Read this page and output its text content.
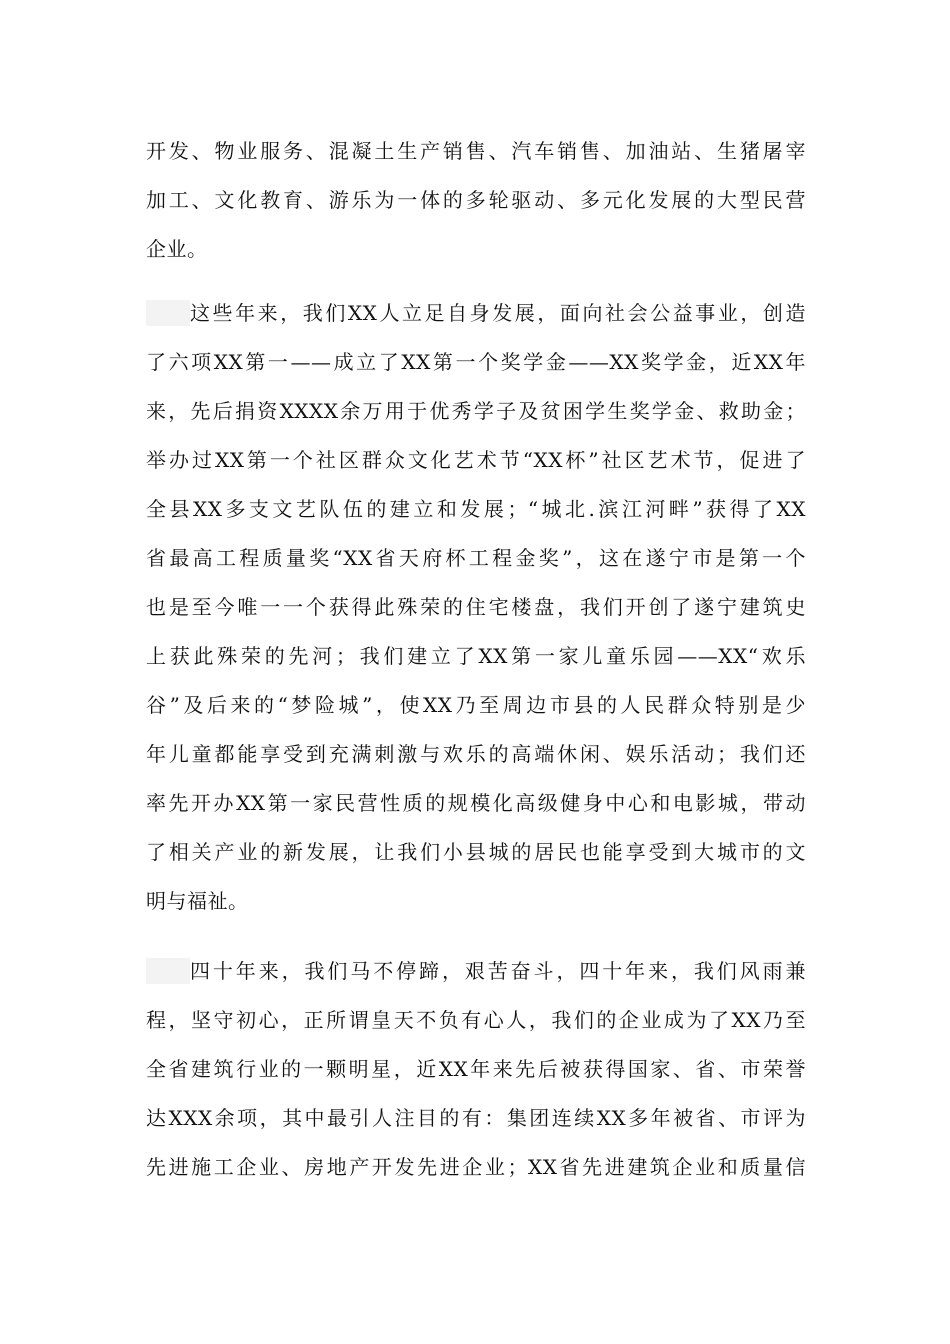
开发、物业服务、混凝土生产销售、汽车销售、加油站、生猪屠宰
加工、文化教育、游乐为一体的多轮驱动、多元化发展的大型民营
企业。
这些年来，我们XX人立足自身发展，面向社会公益事业，创造
了六项XX第一——成立了XX第一个奖学金——XX奖学金，近XX年
来，先后捐资XXXX余万用于优秀学子及贫困学生奖学金、救助金；
举办过XX第一个社区群众文化艺术节“XX杯”社区艺术节，促进了
全县XX多支文艺队伍的建立和发展；“城北.滨江河畔”获得了XX
省最高工程质量奖“XX省天府杯工程金奖”，这在遂宁市是第一个
也是至今唯一一个获得此殊荣的住宅楼盘，我们开创了遂宁建筑史
上获此殊荣的先河；我们建立了XX第一家儿童乐园——XX“欢乐
谷”及后来的“梦险城”，使XX乃至周边市县的人民群众特别是少
年儿童都能享受到充满刺激与欢乐的高端休闲、娱乐活动；我们还
率先开办XX第一家民营性质的规模化高级健身中心和电影城，带动
了相关产业的新发展，让我们小县城的居民也能享受到大城市的文
明与福祉。
四十年来，我们马不停蹄，艰苦奋斗，四十年来，我们风雨兼
程，坚守初心，正所谓皇天不负有心人，我们的企业成为了XX乃至
全省建筑行业的一颗明星，近XX年来先后被获得国家、省、市荣誉
达XXX余项，其中最引人注目的有：集团连续XX多年被省、市评为
先进施工企业、房地产开发先进企业；XX省先进建筑企业和质量信
